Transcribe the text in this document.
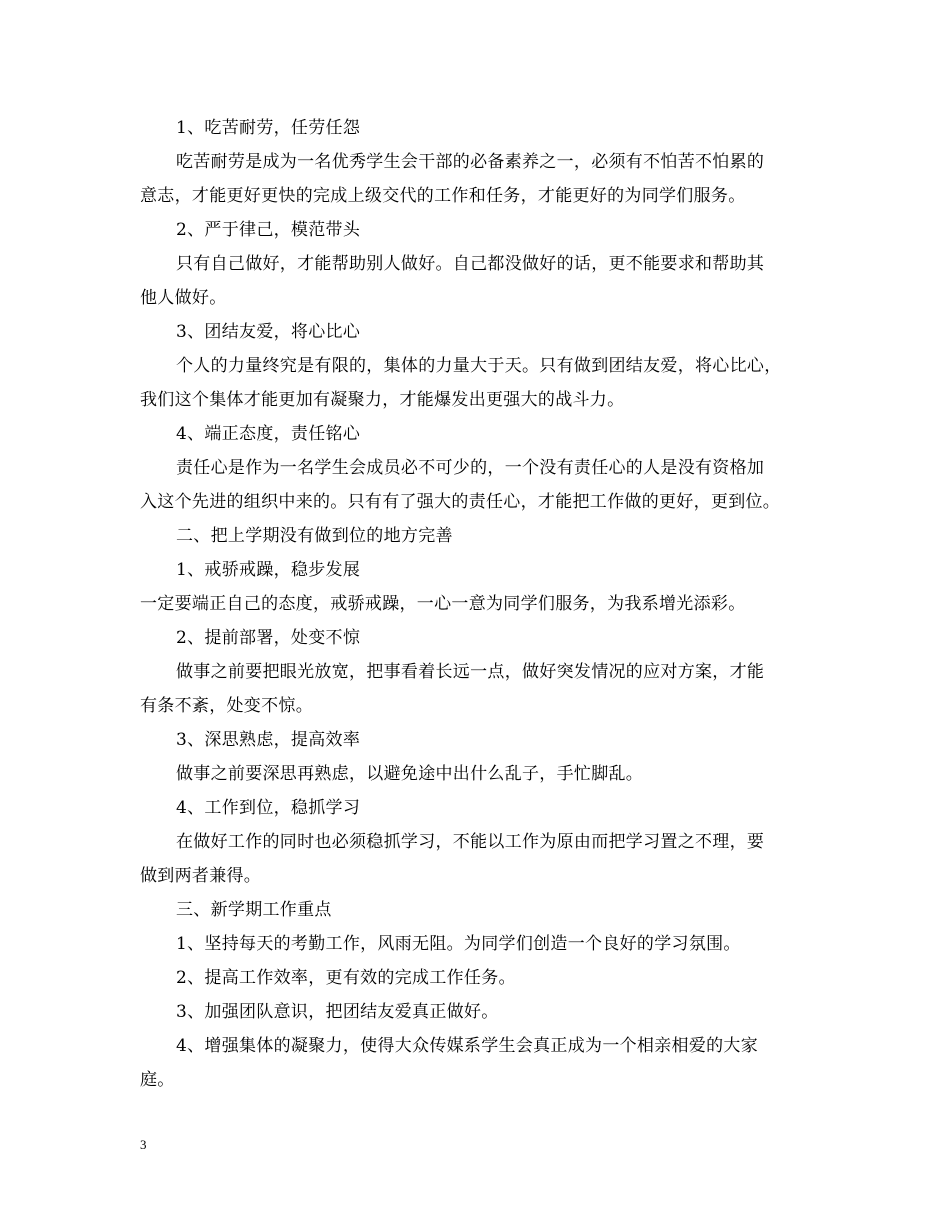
1、吃苦耐劳，任劳任怨
吃苦耐劳是成为一名优秀学生会干部的必备素养之一，必须有不怕苦不怕累的
意志，才能更好更快的完成上级交代的工作和任务，才能更好的为同学们服务。
2、严于律己，模范带头
只有自己做好，才能帮助别人做好。自己都没做好的话，更不能要求和帮助其
他人做好。
3、团结友爱，将心比心
个人的力量终究是有限的，集体的力量大于天。只有做到团结友爱，将心比心，
我们这个集体才能更加有凝聚力，才能爆发出更强大的战斗力。
4、端正态度，责任铭心
责任心是作为一名学生会成员必不可少的，一个没有责任心的人是没有资格加
入这个先进的组织中来的。只有有了强大的责任心，才能把工作做的更好，更到位。
二、把上学期没有做到位的地方完善
1、戒骄戒躁，稳步发展
一定要端正自己的态度，戒骄戒躁，一心一意为同学们服务，为我系增光添彩。
2、提前部署，处变不惊
做事之前要把眼光放宽，把事看着长远一点，做好突发情况的应对方案，才能
有条不紊，处变不惊。
3、深思熟虑，提高效率
做事之前要深思再熟虑，以避免途中出什么乱子，手忙脚乱。
4、工作到位，稳抓学习
在做好工作的同时也必须稳抓学习，不能以工作为原由而把学习置之不理，要
做到两者兼得。
三、新学期工作重点
1、坚持每天的考勤工作，风雨无阻。为同学们创造一个良好的学习氛围。
2、提高工作效率，更有效的完成工作任务。
3、加强团队意识，把团结友爱真正做好。
4、增强集体的凝聚力，使得大众传媒系学生会真正成为一个相亲相爱的大家
庭。
3
